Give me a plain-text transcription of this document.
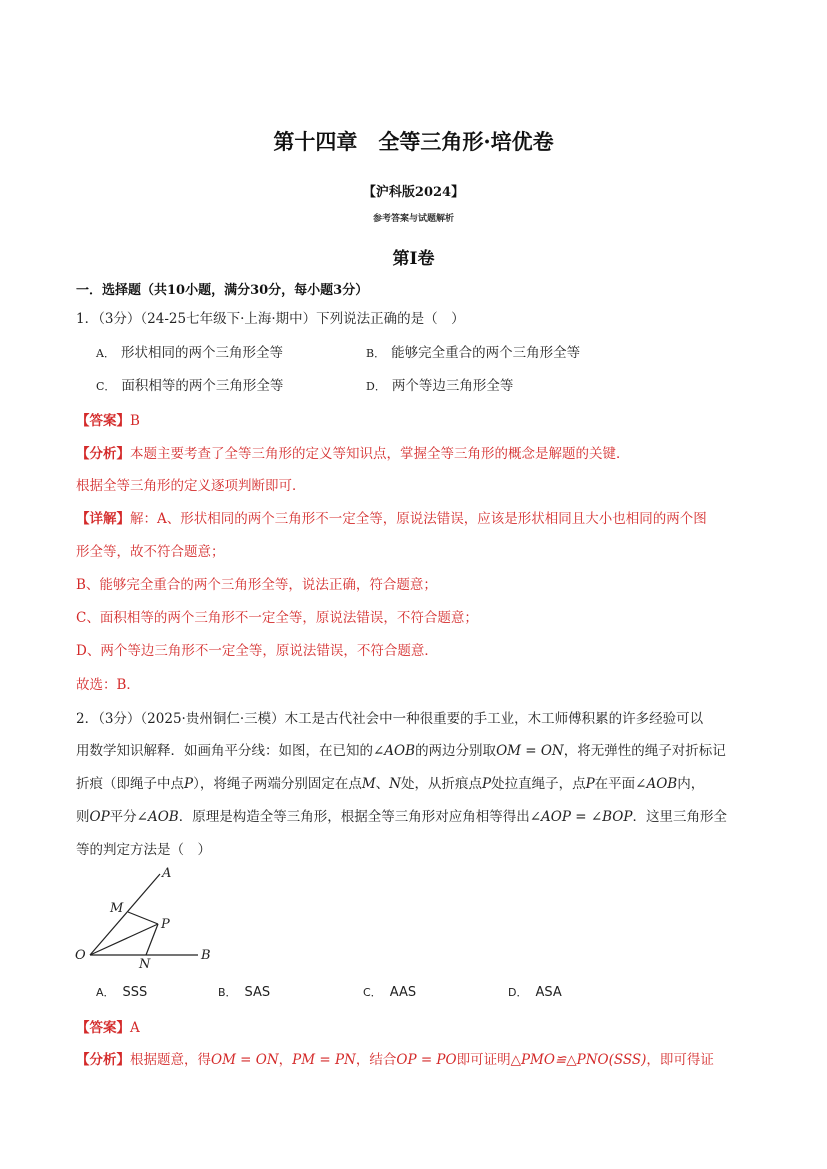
第十四章　全等三角形·培优卷
【沪科版2024】
参考答案与试题解析
第Ⅰ卷
一．选择题（共10小题，满分30分，每小题3分）
1．（3分）（24-25七年级下·上海·期中）下列说法正确的是（　）
A． 形状相同的两个三角形全等	B． 能够完全重合的两个三角形全等
C． 面积相等的两个三角形全等	D． 两个等边三角形全等
【答案】B
【分析】本题主要考查了全等三角形的定义等知识点，掌握全等三角形的概念是解题的关键．
根据全等三角形的定义逐项判断即可．
【详解】解：A、形状相同的两个三角形不一定全等，原说法错误，应该是形状相同且大小也相同的两个图
形全等，故不符合题意；
B、能够完全重合的两个三角形全等，说法正确，符合题意；
C、面积相等的两个三角形不一定全等，原说法错误，不符合题意；
D、两个等边三角形不一定全等，原说法错误，不符合题意．
故选：B．
2．（3分）（2025·贵州铜仁·三模）木工是古代社会中一种很重要的手工业，木工师傅积累的许多经验可以
用数学知识解释．如画角平分线：如图，在已知的∠AOB的两边分别取OM = ON，将无弹性的绳子对折标记
折痕（即绳子中点P），将绳子两端分别固定在点M、N处，从折痕点P处拉直绳子，点P在平面∠AOB内，
则OP平分∠AOB．原理是构造全等三角形，根据全等三角形对应角相等得出∠AOP = ∠BOP．这里三角形全
等的判定方法是（　）
A
M
P
O
N
B
A． SSS	B． SAS	C． AAS	D． ASA
【答案】A
【分析】根据题意，得OM = ON，PM = PN，结合OP = PO即可证明△PMO≌△PNO(SSS)，即可得证
